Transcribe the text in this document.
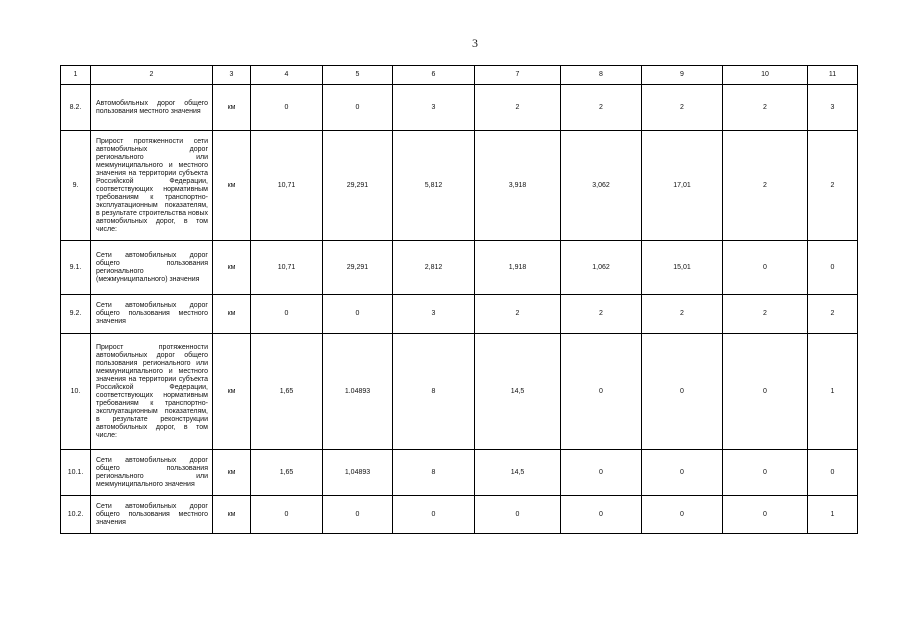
3
1	2	3	4	5	6	7	8	9	10	11
8.2.	Автомобильных дорог общего пользования местного значения	км	0	0	3	2	2	2	2	3
9.	Прирост протяженности сети автомобильных дорог регионального или межмуниципального и местного значения на территории субъекта Российской Федерации, соответствующих нормативным требованиям к транспортно-эксплуатационным показателям, в результате строительства новых автомобильных дорог, в том числе:	км	10,71	29,291	5,812	3,918	3,062	17,01	2	2
9.1.	Сети автомобильных дорог общего пользования регионального (межмуниципального) значения	км	10,71	29,291	2,812	1,918	1,062	15,01	0	0
9.2.	Сети автомобильных дорог общего пользования местного значения	км	0	0	3	2	2	2	2	2
10.	Прирост протяженности автомобильных дорог общего пользования регионального или межмуниципального и местного значения на территории субъекта Российской Федерации, соответствующих нормативным требованиям к транспортно-эксплуатационным показателям, в результате реконструкции автомобильных дорог, в том числе:	км	1,65	1.04893	8	14,5	0	0	0	1
10.1.	Сети автомобильных дорог общего пользования регионального или межмуниципального значения	км	1,65	1,04893	8	14,5	0	0	0	0
10.2.	Сети автомобильных дорог общего пользования местного значения	км	0	0	0	0	0	0	0	1
